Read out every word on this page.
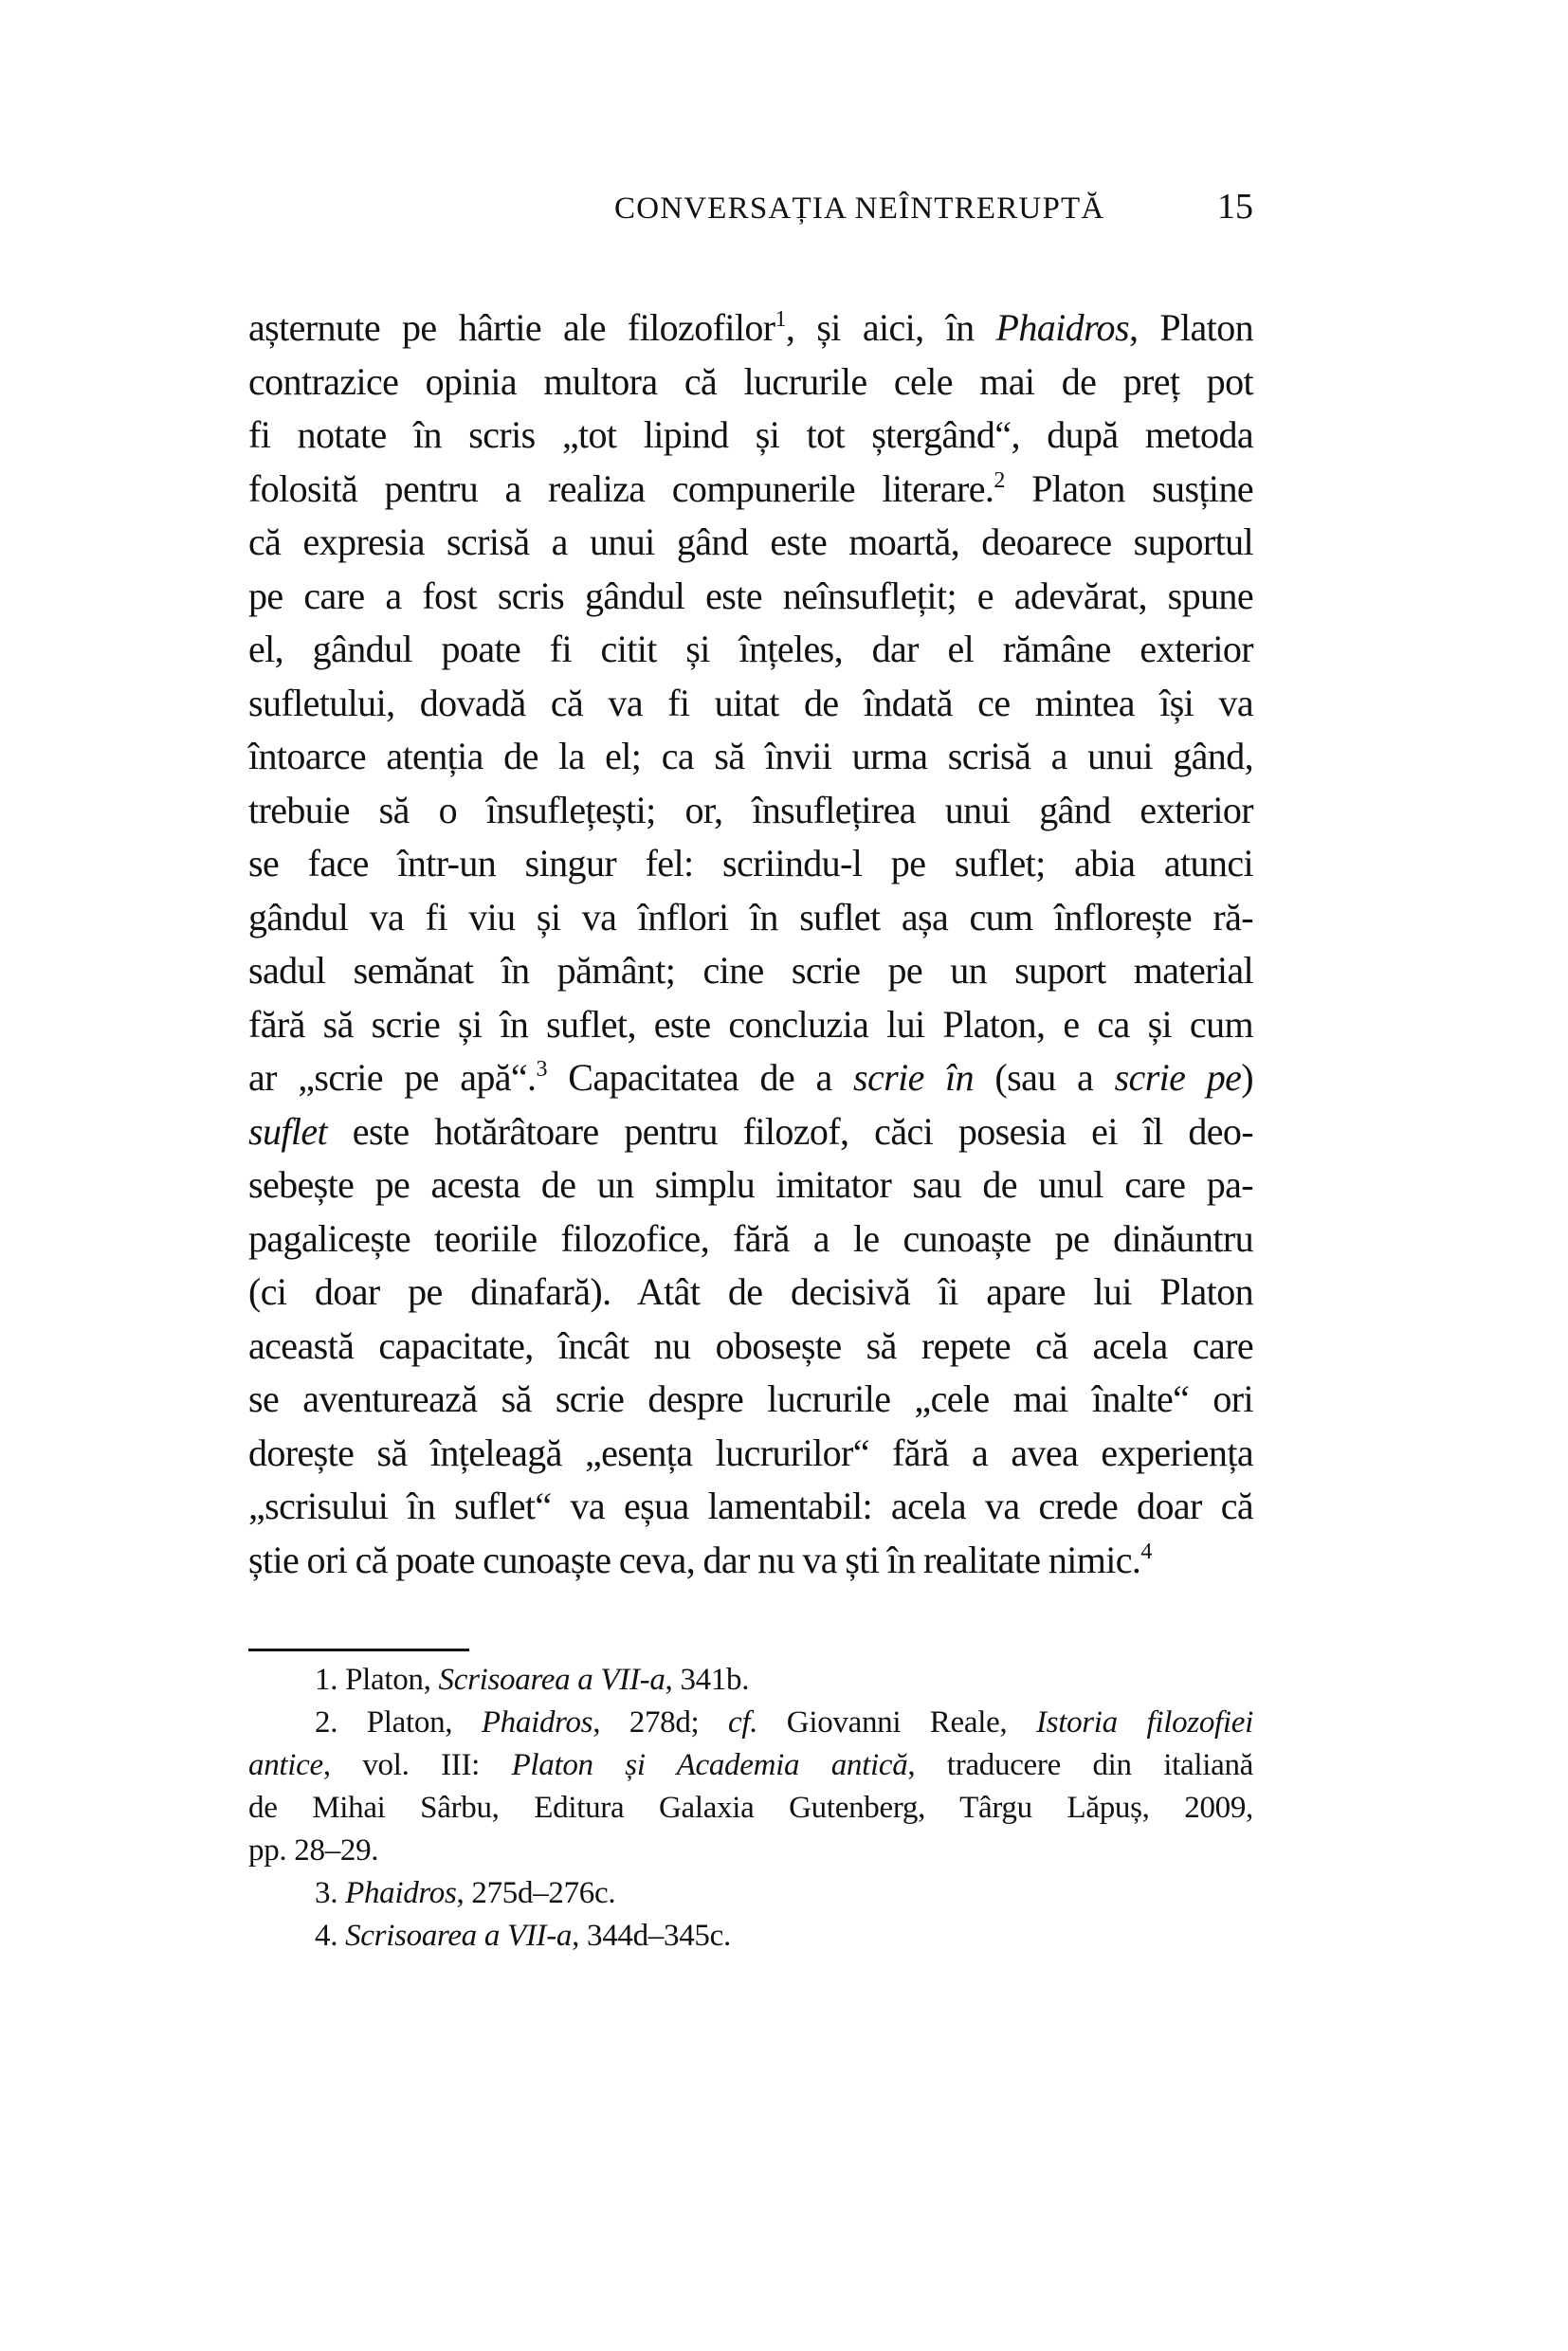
CONVERSAȚIA NEÎNTRERUPTĂ	15
așternute pe hârtie ale filozofilor$^1$, și aici, în Phaidros, Platon
contrazice opinia multora că lucrurile cele mai de preț pot
fi notate în scris „tot lipind și tot ștergând“, după metoda
folosită pentru a realiza compunerile literare.$^2$ Platon susține
că expresia scrisă a unui gând este moartă, deoarece suportul
pe care a fost scris gândul este neînsuflețit; e adevărat, spune
el, gândul poate fi citit și înțeles, dar el rămâne exterior
sufletului, dovadă că va fi uitat de îndată ce mintea își va
întoarce atenția de la el; ca să învii urma scrisă a unui gând,
trebuie să o însuflețești; or, însuflețirea unui gând exterior
se face într-un singur fel: scriindu-l pe suflet; abia atunci
gândul va fi viu și va înflori în suflet așa cum înflorește ră-
sadul semănat în pământ; cine scrie pe un suport material
fără să scrie și în suflet, este concluzia lui Platon, e ca și cum
ar „scrie pe apă“.$^3$ Capacitatea de a scrie în (sau a scrie pe)
suflet este hotărâtoare pentru filozof, căci posesia ei îl deo-
sebește pe acesta de un simplu imitator sau de unul care pa-
pagalicește teoriile filozofice, fără a le cunoaște pe dinăuntru
(ci doar pe dinafară). Atât de decisivă îi apare lui Platon
această capacitate, încât nu obosește să repete că acela care
se aventurează să scrie despre lucrurile „cele mai înalte“ ori
dorește să înțeleagă „esența lucrurilor“ fără a avea experiența
„scrisului în suflet“ va eșua lamentabil: acela va crede doar că
știe ori că poate cunoaște ceva, dar nu va ști în realitate nimic.$^4$
1. Platon, Scrisoarea a VII-a, 341b.
2. Platon, Phaidros, 278d; cf. Giovanni Reale, Istoria filozofiei
antice, vol. III: Platon și Academia antică, traducere din italiană
de Mihai Sârbu, Editura Galaxia Gutenberg, Târgu Lăpuș, 2009,
pp. 28–29.
3. Phaidros, 275d–276c.
4. Scrisoarea a VII-a, 344d–345c.
